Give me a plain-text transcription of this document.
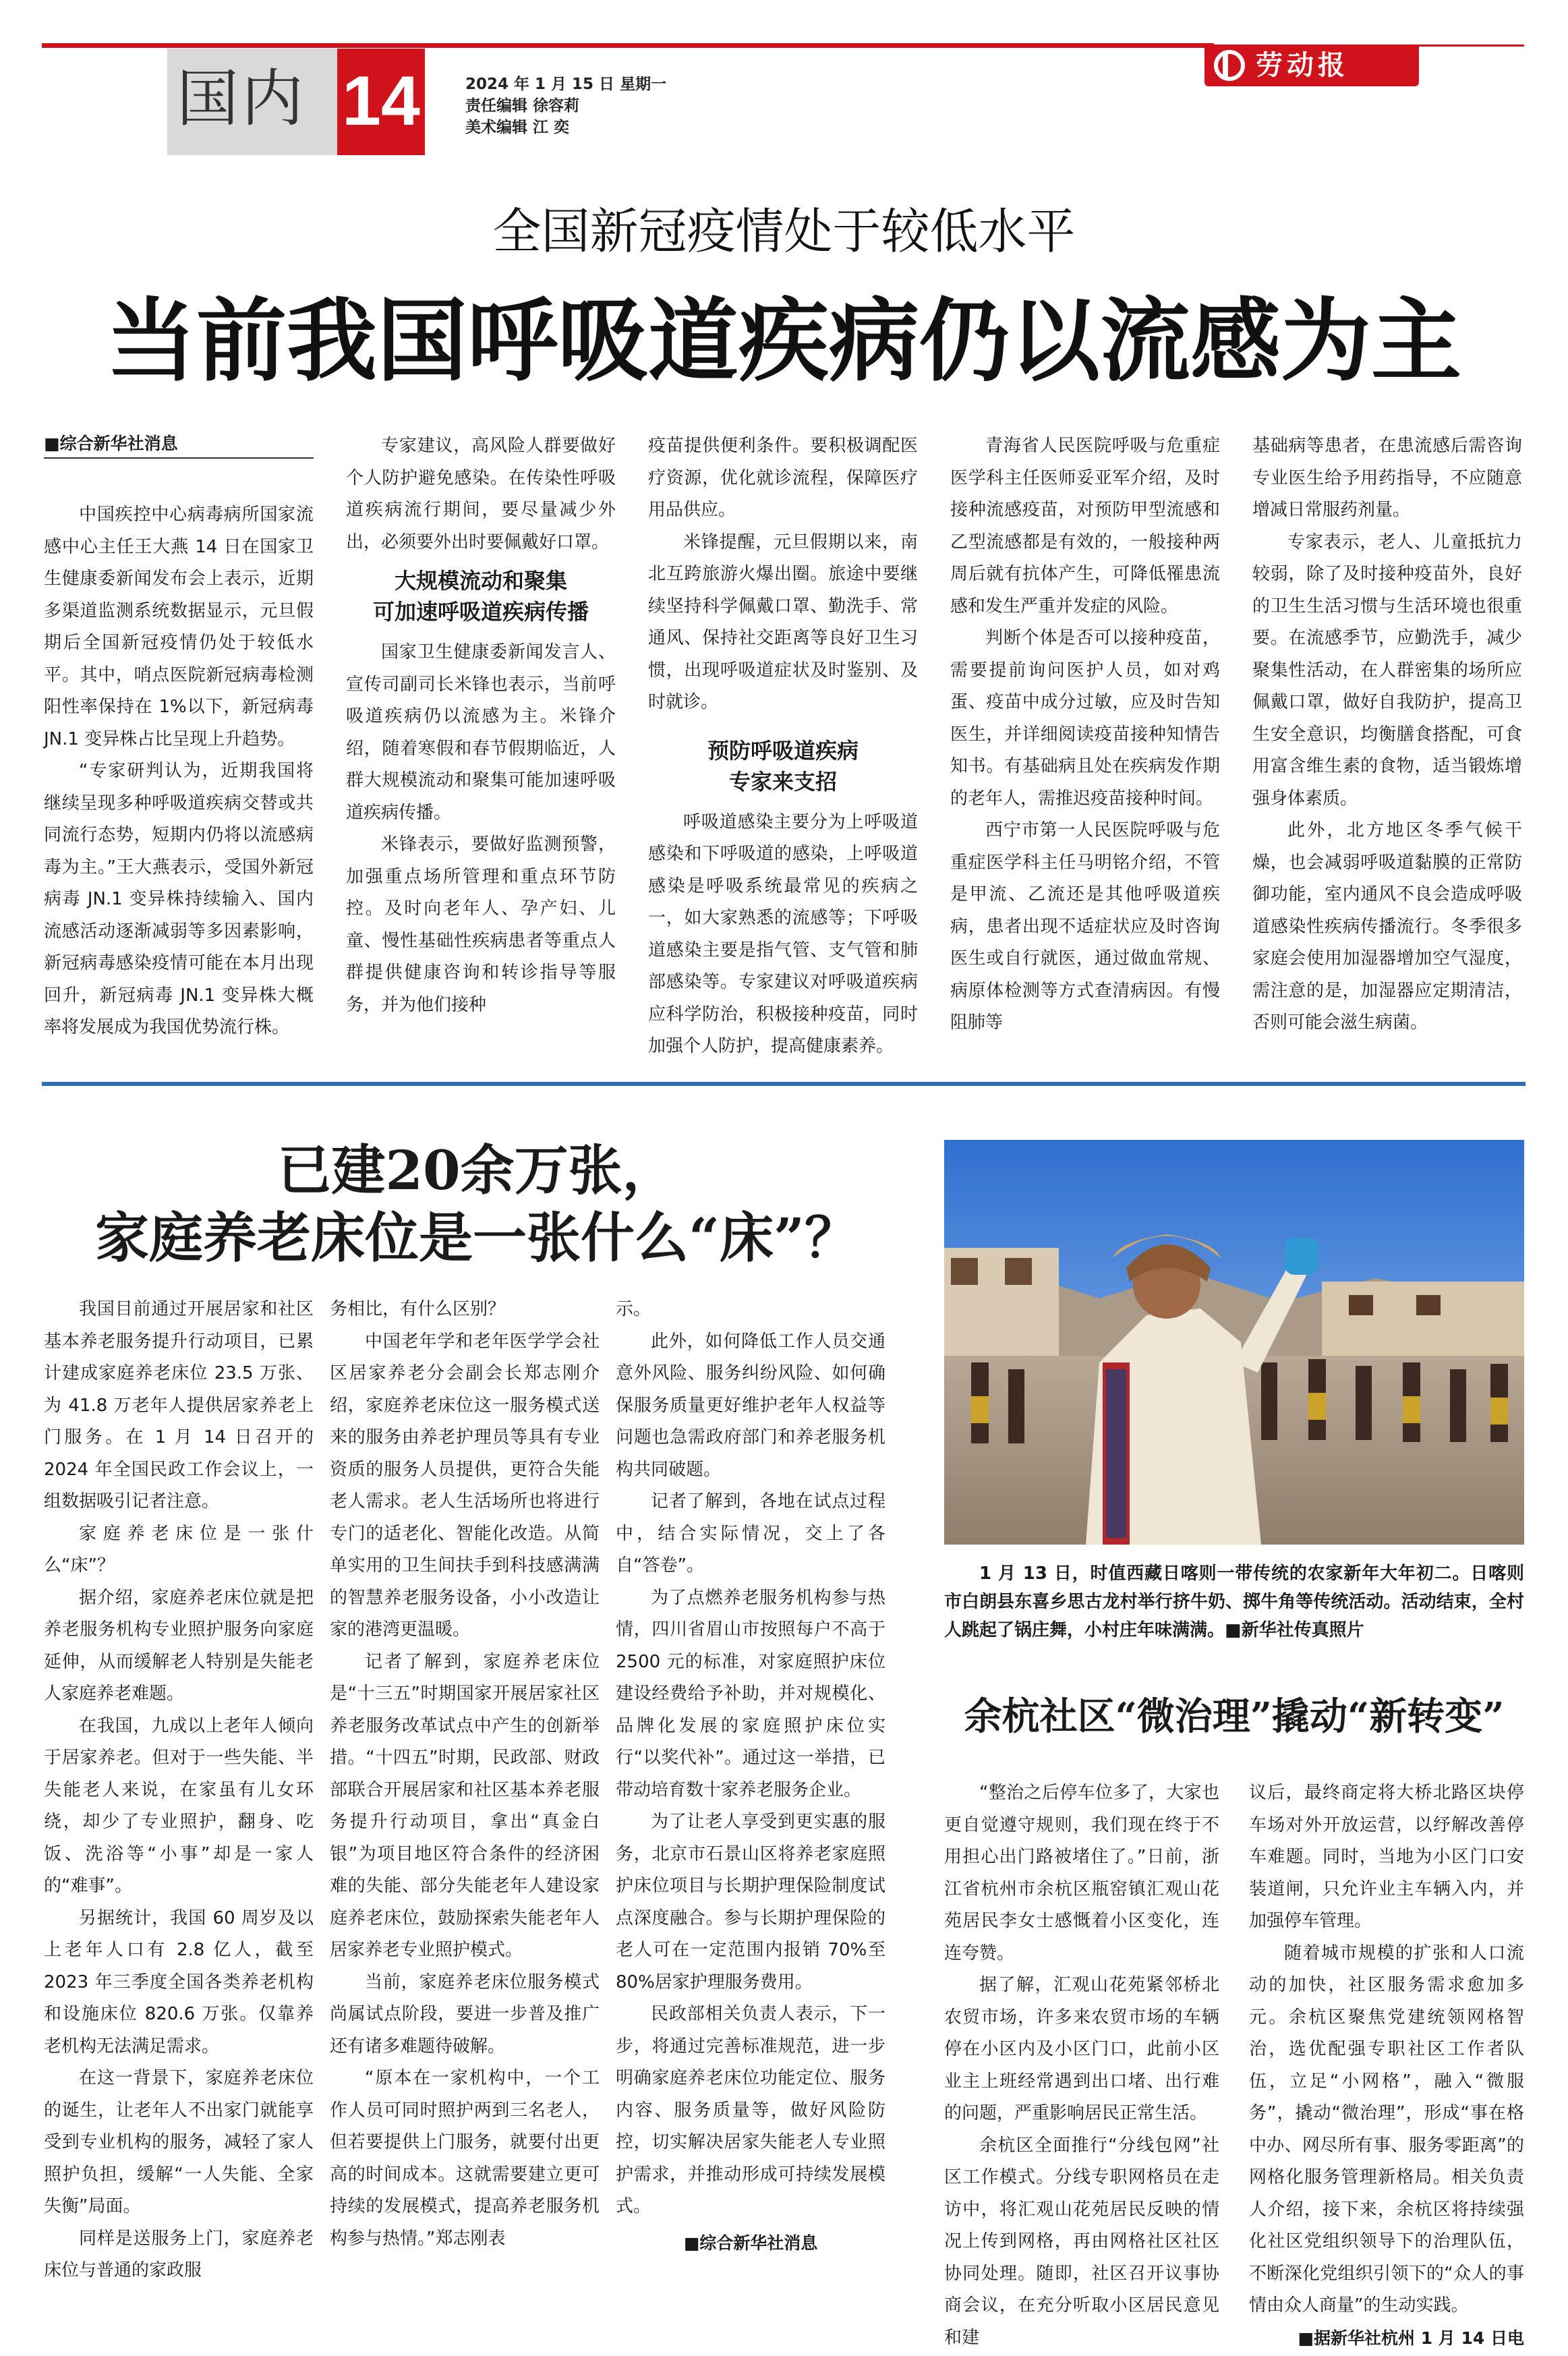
国内 14	2024 年 1 月 15 日 星期一
责任编辑 徐容莉
美术编辑 江 奕
劳动报
全国新冠疫情处于较低水平
当前我国呼吸道疾病仍以流感为主
■综合新华社消息

中国疾控中心病毒病所国家流感中心主任王大燕 14 日在国家卫生健康委新闻发布会上表示，近期多渠道监测系统数据显示，元旦假期后全国新冠疫情仍处于较低水平。其中，哨点医院新冠病毒检测阳性率保持在 1%以下，新冠病毒 JN.1 变异株占比呈现上升趋势。

“专家研判认为，近期我国将继续呈现多种呼吸道疾病交替或共同流行态势，短期内仍将以流感病毒为主。”王大燕表示，受国外新冠病毒 JN.1 变异株持续输入、国内流感活动逐渐减弱等多因素影响，新冠病毒感染疫情可能在本月出现回升，新冠病毒 JN.1 变异株大概率将发展成为我国优势流行株。

专家建议，高风险人群要做好个人防护避免感染。在传染性呼吸道疾病流行期间，要尽量减少外出，必须要外出时要佩戴好口罩。

大规模流动和聚集
可加速呼吸道疾病传播

国家卫生健康委新闻发言人、宣传司副司长米锋也表示，当前呼吸道疾病仍以流感为主。米锋介绍，随着寒假和春节假期临近，人群大规模流动和聚集可能加速呼吸道疾病传播。

米锋表示，要做好监测预警，加强重点场所管理和重点环节防控。及时向老年人、孕产妇、儿童、慢性基础性疾病患者等重点人群提供健康咨询和转诊指导等服务，并为他们接种

疫苗提供便利条件。要积极调配医疗资源，优化就诊流程，保障医疗用品供应。

米锋提醒，元旦假期以来，南北互跨旅游火爆出圈。旅途中要继续坚持科学佩戴口罩、勤洗手、常通风、保持社交距离等良好卫生习惯，出现呼吸道症状及时鉴别、及时就诊。

预防呼吸道疾病
专家来支招

呼吸道感染主要分为上呼吸道感染和下呼吸道的感染，上呼吸道感染是呼吸系统最常见的疾病之一，如大家熟悉的流感等；下呼吸道感染主要是指气管、支气管和肺部感染等。专家建议对呼吸道疾病应科学防治，积极接种疫苗，同时加强个人防护，提高健康素养。

青海省人民医院呼吸与危重症医学科主任医师妥亚军介绍，及时接种流感疫苗，对预防甲型流感和乙型流感都是有效的，一般接种两周后就有抗体产生，可降低罹患流感和发生严重并发症的风险。

判断个体是否可以接种疫苗，需要提前询问医护人员，如对鸡蛋、疫苗中成分过敏，应及时告知医生，并详细阅读疫苗接种知情告知书。有基础病且处在疾病发作期的老年人，需推迟疫苗接种时间。

西宁市第一人民医院呼吸与危重症医学科主任马明铭介绍，不管是甲流、乙流还是其他呼吸道疾病，患者出现不适症状应及时咨询医生或自行就医，通过做血常规、病原体检测等方式查清病因。有慢阻肺等

基础病等患者，在患流感后需咨询专业医生给予用药指导，不应随意增减日常服药剂量。

专家表示，老人、儿童抵抗力较弱，除了及时接种疫苗外，良好的卫生生活习惯与生活环境也很重要。在流感季节，应勤洗手，减少聚集性活动，在人群密集的场所应佩戴口罩，做好自我防护，提高卫生安全意识，均衡膳食搭配，可食用富含维生素的食物，适当锻炼增强身体素质。

此外，北方地区冬季气候干燥，也会减弱呼吸道黏膜的正常防御功能，室内通风不良会造成呼吸道感染性疾病传播流行。冬季很多家庭会使用加湿器增加空气湿度，需注意的是，加湿器应定期清洁，否则可能会滋生病菌。

已建20余万张，
家庭养老床位是一张什么“床”？

我国目前通过开展居家和社区基本养老服务提升行动项目，已累计建成家庭养老床位 23.5 万张、为 41.8 万老年人提供居家养老上门服务。在 1 月 14 日召开的 2024 年全国民政工作会议上，一组数据吸引记者注意。

家庭养老床位是一张什么“床”？

据介绍，家庭养老床位就是把养老服务机构专业照护服务向家庭延伸，从而缓解老人特别是失能老人家庭养老难题。

在我国，九成以上老年人倾向于居家养老。但对于一些失能、半失能老人来说，在家虽有儿女环绕，却少了专业照护，翻身、吃饭、洗浴等“小事”却是一家人的“难事”。

另据统计，我国 60 周岁及以上老年人口有 2.8 亿人，截至 2023 年三季度全国各类养老机构和设施床位 820.6 万张。仅靠养老机构无法满足需求。

在这一背景下，家庭养老床位的诞生，让老年人不出家门就能享受到专业机构的服务，减轻了家人照护负担，缓解“一人失能、全家失衡”局面。

同样是送服务上门，家庭养老床位与普通的家政服

务相比，有什么区别？

中国老年学和老年医学学会社区居家养老分会副会长郑志刚介绍，家庭养老床位这一服务模式送来的服务由养老护理员等具有专业资质的服务人员提供，更符合失能老人需求。老人生活场所也将进行专门的适老化、智能化改造。从简单实用的卫生间扶手到科技感满满的智慧养老服务设备，小小改造让家的港湾更温暖。

记者了解到，家庭养老床位是“十三五”时期国家开展居家社区养老服务改革试点中产生的创新举措。“十四五”时期，民政部、财政部联合开展居家和社区基本养老服务提升行动项目，拿出“真金白银”为项目地区符合条件的经济困难的失能、部分失能老年人建设家庭养老床位，鼓励探索失能老年人居家养老专业照护模式。

当前，家庭养老床位服务模式尚属试点阶段，要进一步普及推广还有诸多难题待破解。

“原本在一家机构中，一个工作人员可同时照护两到三名老人，但若要提供上门服务，就要付出更高的时间成本。这就需要建立更可持续的发展模式，提高养老服务机构参与热情。”郑志刚表

示。

此外，如何降低工作人员交通意外风险、服务纠纷风险、如何确保服务质量更好维护老年人权益等问题也急需政府部门和养老服务机构共同破题。

记者了解到，各地在试点过程中，结合实际情况，交上了各自“答卷”。

为了点燃养老服务机构参与热情，四川省眉山市按照每户不高于 2500 元的标准，对家庭照护床位建设经费给予补助，并对规模化、品牌化发展的家庭照护床位实行“以奖代补”。通过这一举措，已带动培育数十家养老服务企业。

为了让老人享受到更实惠的服务，北京市石景山区将养老家庭照护床位项目与长期护理保险制度试点深度融合。参与长期护理保险的老人可在一定范围内报销 70%至 80%居家护理服务费用。

民政部相关负责人表示，下一步，将通过完善标准规范，进一步明确家庭养老床位功能定位、服务内容、服务质量等，做好风险防控，切实解决居家失能老人专业照护需求，并推动形成可持续发展模式。

■综合新华社消息
1 月 13 日，时值西藏日喀则一带传统的农家新年大年初二。日喀则市白朗县东喜乡思古龙村举行挤牛奶、掷牛角等传统活动。活动结束，全村人跳起了锅庄舞，小村庄年味满满。■新华社传真照片
余杭社区“微治理”撬动“新转变”

“整治之后停车位多了，大家也更自觉遵守规则，我们现在终于不用担心出门路被堵住了。”日前，浙江省杭州市余杭区瓶窑镇汇观山花苑居民李女士感慨着小区变化，连连夸赞。

据了解，汇观山花苑紧邻桥北农贸市场，许多来农贸市场的车辆停在小区内及小区门口，此前小区业主上班经常遇到出口堵、出行难的问题，严重影响居民正常生活。

余杭区全面推行“分线包网”社区工作模式。分线专职网格员在走访中，将汇观山花苑居民反映的情况上传到网格，再由网格社区社区协同处理。随即，社区召开议事协商会议，在充分听取小区居民意见和建

议后，最终商定将大桥北路区块停车场对外开放运营，以纾解改善停车难题。同时，当地为小区门口安装道闸，只允许业主车辆入内，并加强停车管理。

随着城市规模的扩张和人口流动的加快，社区服务需求愈加多元。余杭区聚焦党建统领网格智治，选优配强专职社区工作者队伍，立足“小网格”，融入“微服务”，撬动“微治理”，形成“事在格中办、网尽所有事、服务零距离”的网格化服务管理新格局。相关负责人介绍，接下来，余杭区将持续强化社区党组织领导下的治理队伍，不断深化党组织引领下的“众人的事情由众人商量”的生动实践。

■据新华社杭州 1 月 14 日电
